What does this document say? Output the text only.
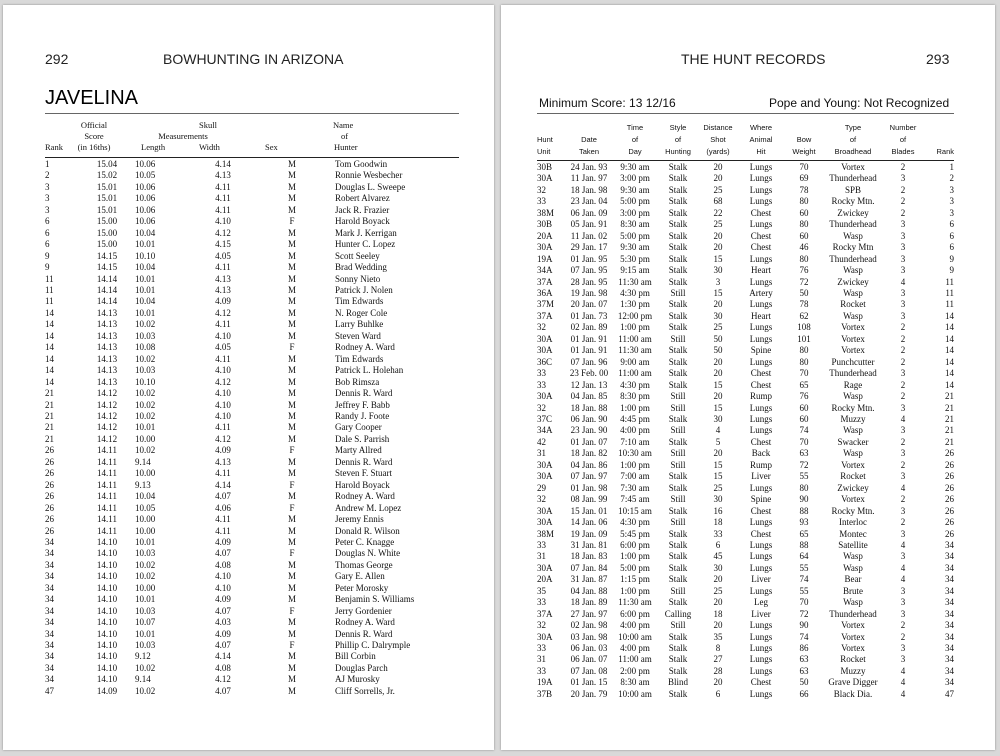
292	BOWHUNTING IN ARIZONA
JAVELINA
Official
Score
(in 16ths)
Skull
Measurements
Rank	Length	Width	Sex
Name
of
Hunter
1	15.04	10.06	4.14	M	Tom Goodwin
2	15.02	10.05	4.13	M	Ronnie Wesbecher
3	15.01	10.06	4.11	M	Douglas L. Sweepe
3	15.01	10.06	4.11	M	Robert Alvarez
3	15.01	10.06	4.11	M	Jack R. Frazier
6	15.00	10.06	4.10	F	Harold Boyack
6	15.00	10.04	4.12	M	Mark J. Kerrigan
6	15.00	10.01	4.15	M	Hunter C. Lopez
9	14.15	10.10	4.05	M	Scott Seeley
9	14.15	10.04	4.11	M	Brad Wedding
11	14.14	10.01	4.13	M	Sonny Nieto
11	14.14	10.01	4.13	M	Patrick J. Nolen
11	14.14	10.04	4.09	M	Tim Edwards
14	14.13	10.01	4.12	M	N. Roger Cole
14	14.13	10.02	4.11	M	Larry Buhlke
14	14.13	10.03	4.10	M	Steven Ward
14	14.13	10.08	4.05	F	Rodney A. Ward
14	14.13	10.02	4.11	M	Tim Edwards
14	14.13	10.03	4.10	M	Patrick L. Holehan
14	14.13	10.10	4.12	M	Bob Rimsza
21	14.12	10.02	4.10	M	Dennis R. Ward
21	14.12	10.02	4.10	M	Jeffrey F. Babb
21	14.12	10.02	4.10	M	Randy J. Foote
21	14.12	10.01	4.11	M	Gary Cooper
21	14.12	10.00	4.12	M	Dale S. Parrish
26	14.11	10.02	4.09	F	Marty Allred
26	14.11	9.14	4.13	M	Dennis R. Ward
26	14.11	10.00	4.11	M	Steven F. Stuart
26	14.11	9.13	4.14	F	Harold Boyack
26	14.11	10.04	4.07	M	Rodney A. Ward
26	14.11	10.05	4.06	F	Andrew M. Lopez
26	14.11	10.00	4.11	M	Jeremy Ennis
26	14.11	10.00	4.11	M	Donald R. Wilson
34	14.10	10.01	4.09	M	Peter C. Knagge
34	14.10	10.03	4.07	F	Douglas N. White
34	14.10	10.02	4.08	M	Thomas George
34	14.10	10.02	4.10	M	Gary E. Allen
34	14.10	10.00	4.10	M	Peter Morosky
34	14.10	10.01	4.09	M	Benjamin S. Williams
34	14.10	10.03	4.07	F	Jerry Gordenier
34	14.10	10.07	4.03	M	Rodney A. Ward
34	14.10	10.01	4.09	M	Dennis R. Ward
34	14.10	10.03	4.07	F	Phillip C. Dalrymple
34	14.10	9.12	4.14	M	Bill Corbin
34	14.10	10.02	4.08	M	Douglas Parch
34	14.10	9.14	4.12	M	AJ Murosky
47	14.09	10.02	4.07	M	Cliff Sorrells, Jr.
THE HUNT RECORDS	293
Minimum Score: 13 12/16	Pope and Young: Not Recognized
Hunt
Unit
Date
Taken
Time
of
Day
Style
of
Hunting
Distance
Shot
(yards)
Where
Animal
Hit
Bow
Weight
Type
of
Broadhead
Number
of
Blades	Rank
30B	24 Jan. 93	9:30 am	Stalk	20	Lungs	70	Vortex	2	1
30A	11 Jan. 97	3:00 pm	Stalk	20	Lungs	69	Thunderhead	3	2
32	18 Jan. 98	9:30 am	Stalk	25	Lungs	78	SPB	2	3
33	23 Jan. 04	5:00 pm	Stalk	68	Lungs	80	Rocky Mtn.	2	3
38M	06 Jan. 09	3:00 pm	Stalk	22	Chest	60	Zwickey	2	3
30B	05 Jan. 91	8:30 am	Stalk	25	Lungs	80	Thunderhead	3	6
20A	11 Jan. 02	5:00 pm	Stalk	20	Chest	60	Wasp	3	6
30A	29 Jan. 17	9:30 am	Stalk	20	Chest	46	Rocky Mtn	3	6
19A	01 Jan. 95	5:30 pm	Stalk	15	Lungs	80	Thunderhead	3	9
34A	07 Jan. 95	9:15 am	Stalk	30	Heart	76	Wasp	3	9
37A	28 Jan. 95	11:30 am	Stalk	3	Lungs	72	Zwickey	4	11
36A	19 Jan. 98	4:30 pm	Still	15	Artery	50	Wasp	3	11
37M	20 Jan. 07	1:30 pm	Stalk	20	Lungs	78	Rocket	3	11
37A	01 Jan. 73	12:00 pm	Stalk	30	Heart	62	Wasp	3	14
32	02 Jan. 89	1:00 pm	Stalk	25	Lungs	108	Vortex	2	14
30A	01 Jan. 91	11:00 am	Still	50	Lungs	101	Vortex	2	14
30A	01 Jan. 91	11:30 am	Stalk	50	Spine	80	Vortex	2	14
36C	07 Jan. 96	9:00 am	Stalk	20	Lungs	80	Punchcutter	2	14
33	23 Feb. 00	11:00 am	Stalk	20	Chest	70	Thunderhead	3	14
33	12 Jan. 13	4:30 pm	Stalk	15	Chest	65	Rage	2	14
30A	04 Jan. 85	8:30 pm	Still	20	Rump	76	Wasp	2	21
32	18 Jan. 88	1:00 pm	Still	15	Lungs	60	Rocky Mtn.	3	21
37C	06 Jan. 90	4:45 pm	Stalk	30	Lungs	60	Muzzy	4	21
34A	23 Jan. 90	4:00 pm	Still	4	Lungs	74	Wasp	3	21
42	01 Jan. 07	7:10 am	Stalk	5	Chest	70	Swacker	2	21
31	18 Jan. 82	10:30 am	Still	20	Back	63	Wasp	3	26
30A	04 Jan. 86	1:00 pm	Still	15	Rump	72	Vortex	2	26
30A	07 Jan. 97	7:00 am	Stalk	15	Liver	55	Rocket	3	26
29	01 Jan. 98	7:30 am	Stalk	25	Lungs	80	Zwickey	4	26
32	08 Jan. 99	7:45 am	Still	30	Spine	90	Vortex	2	26
30A	15 Jan. 01	10:15 am	Stalk	16	Chest	88	Rocky Mtn.	3	26
30A	14 Jan. 06	4:30 pm	Still	18	Lungs	93	Interloc	2	26
38M	19 Jan. 09	5:45 pm	Stalk	33	Chest	65	Montec	3	26
33	31 Jan. 81	6:00 pm	Stalk	6	Lungs	88	Satellite	4	34
31	18 Jan. 83	1:00 pm	Stalk	45	Lungs	64	Wasp	3	34
30A	07 Jan. 84	5:00 pm	Stalk	30	Lungs	55	Wasp	4	34
20A	31 Jan. 87	1:15 pm	Stalk	20	Liver	74	Bear	4	34
35	04 Jan. 88	1:00 pm	Still	25	Lungs	55	Brute	3	34
33	18 Jan. 89	11:30 am	Stalk	20	Leg	70	Wasp	3	34
37A	27 Jan. 97	6:00 pm	Calling	18	Liver	72	Thunderhead	3	34
32	02 Jan. 98	4:00 pm	Still	20	Lungs	90	Vortex	2	34
30A	03 Jan. 98	10:00 am	Stalk	35	Lungs	74	Vortex	2	34
33	06 Jan. 03	4:00 pm	Stalk	8	Lungs	86	Vortex	3	34
31	06 Jan. 07	11:00 am	Stalk	27	Lungs	63	Rocket	3	34
33	07 Jan. 08	2:00 pm	Stalk	28	Lungs	63	Muzzy	4	34
19A	01 Jan. 15	8:30 am	Blind	20	Chest	50	Grave Digger	4	34
37B	20 Jan. 79	10:00 am	Stalk	6	Lungs	66	Black Dia.	4	47
